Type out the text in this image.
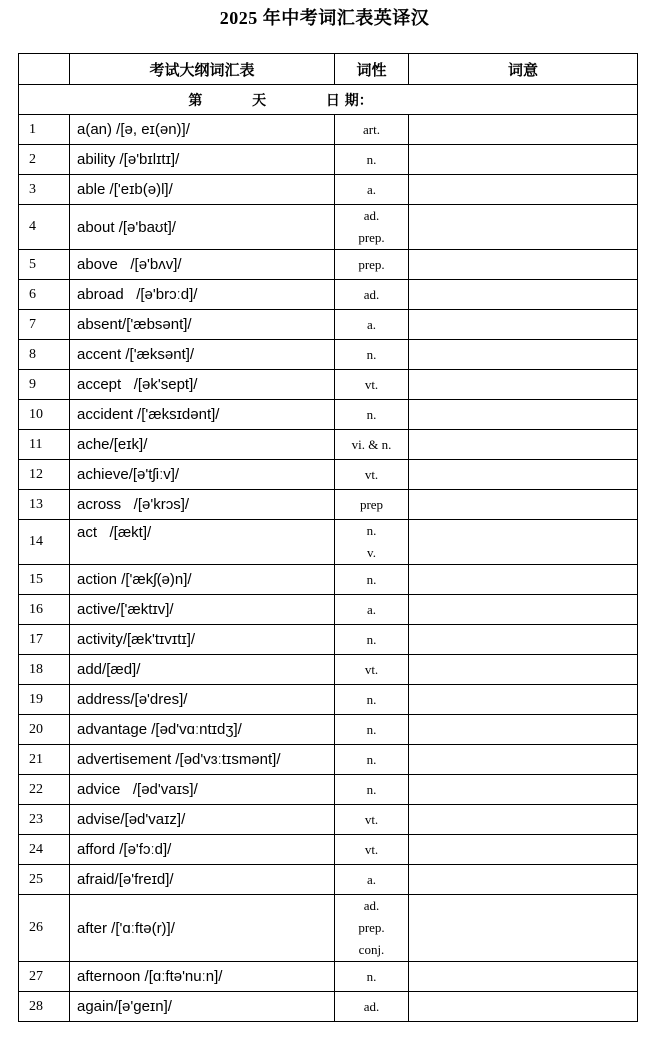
2025 年中考词汇表英译汉
	考试大纲词汇表	词性	词意
第 天 日 期：			
1	a(an) /[ə, eɪ(ən)]/	art.	

2	ability /[ə'bɪlɪtɪ]/	n.	

3	able /['eɪb(ə)l]/	a.	

4	about /[ə'baʊt]/	ad.
prep.	

5	above   /[ə'bʌv]/	prep.	

6	abroad   /[ə'brɔːd]/	ad.	

7	absent/['æbsənt]/	a.	

8	accent /['æksənt]/	n.	

9	accept   /[ək'sept]/	vt.	

10	accident /['æksɪdənt]/	n.	

11	ache/[eɪk]/	vi. & n.	

12	achieve/[ə'tʃiːv]/	vt.	

13	across   /[ə'krɔs]/	prep	

14	act   /[ækt]/	n.
v.	

15	action /['ækʃ(ə)n]/	n.	

16	active/['æktɪv]/	a.	

17	activity/[æk'tɪvɪtɪ]/	n.	

18	add/[æd]/	vt.	

19	address/[ə'dres]/	n.	

20	advantage /[əd'vɑːntɪdʒ]/	n.	

21	advertisement /[əd'vɜːtɪsmənt]/	n.	

22	advice   /[əd'vaɪs]/	n.	

23	advise/[əd'vaɪz]/	vt.	

24	afford /[ə'fɔːd]/	vt.	

25	afraid/[ə'freɪd]/	a.	

26	after /['ɑːftə(r)]/	ad.
prep.
conj.	

27	afternoon /[ɑːftə'nuːn]/	n.	

28	again/[ə'geɪn]/	ad.	
